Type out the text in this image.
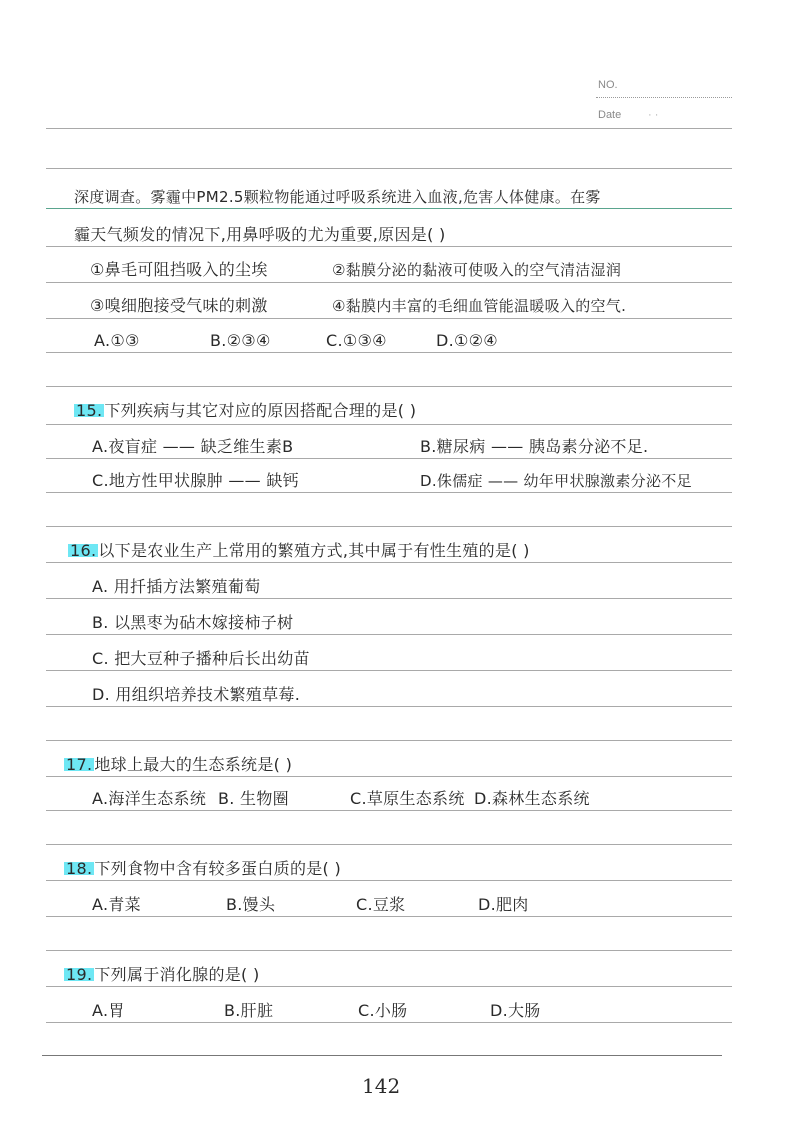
NO.
Date · ·
深度调查。雾霾中PM2.5颗粒物能通过呼吸系统进入血液,危害人体健康。在雾
霾天气频发的情况下,用鼻呼吸的尤为重要,原因是( )
①鼻毛可阻挡吸入的尘埃	②黏膜分泌的黏液可使吸入的空气清洁湿润
③嗅细胞接受气味的刺激	④黏膜内丰富的毛细血管能温暖吸入的空气.
A.①③	B.②③④	C.①③④	D.①②④
15. 下列疾病与其它对应的原因搭配合理的是( )
A.夜盲症 —— 缺乏维生素B	B.糖尿病 —— 胰岛素分泌不足.
C.地方性甲状腺肿 —— 缺钙	D.侏儒症 —— 幼年甲状腺激素分泌不足
16. 以下是农业生产上常用的繁殖方式,其中属于有性生殖的是( )
A. 用扦插方法繁殖葡萄
B. 以黑枣为砧木嫁接柿子树
C. 把大豆种子播种后长出幼苗
D. 用组织培养技术繁殖草莓.
17. 地球上最大的生态系统是( )
A.海洋生态系统 B. 生物圈	C.草原生态系统 D.森林生态系统
18. 下列食物中含有较多蛋白质的是( )
A.青菜	B.馒头	C.豆浆	D.肥肉
19. 下列属于消化腺的是( )
A.胃	B.肝脏	C.小肠	D.大肠
142
